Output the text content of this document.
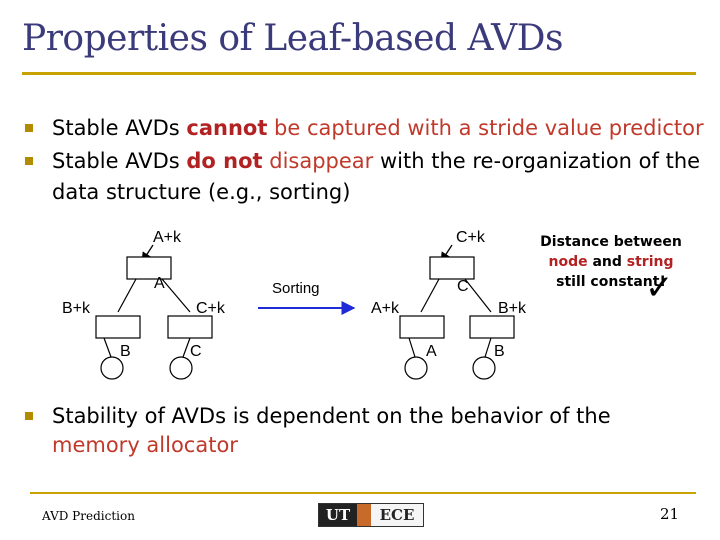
Properties of Leaf-based AVDs
Stable AVDs cannot be captured with a stride value predictor
Stable AVDs do not disappear with the re-organization of the
data structure (e.g., sorting)
A+k
A
B+k	C+k
B	C
Sorting
C+k
C
A+k	B+k
A	B
Distance between
node and string
still constant!
✓
Stability of AVDs is dependent on the behavior of the
memory allocator
AVD Prediction	UT	ECE	21
